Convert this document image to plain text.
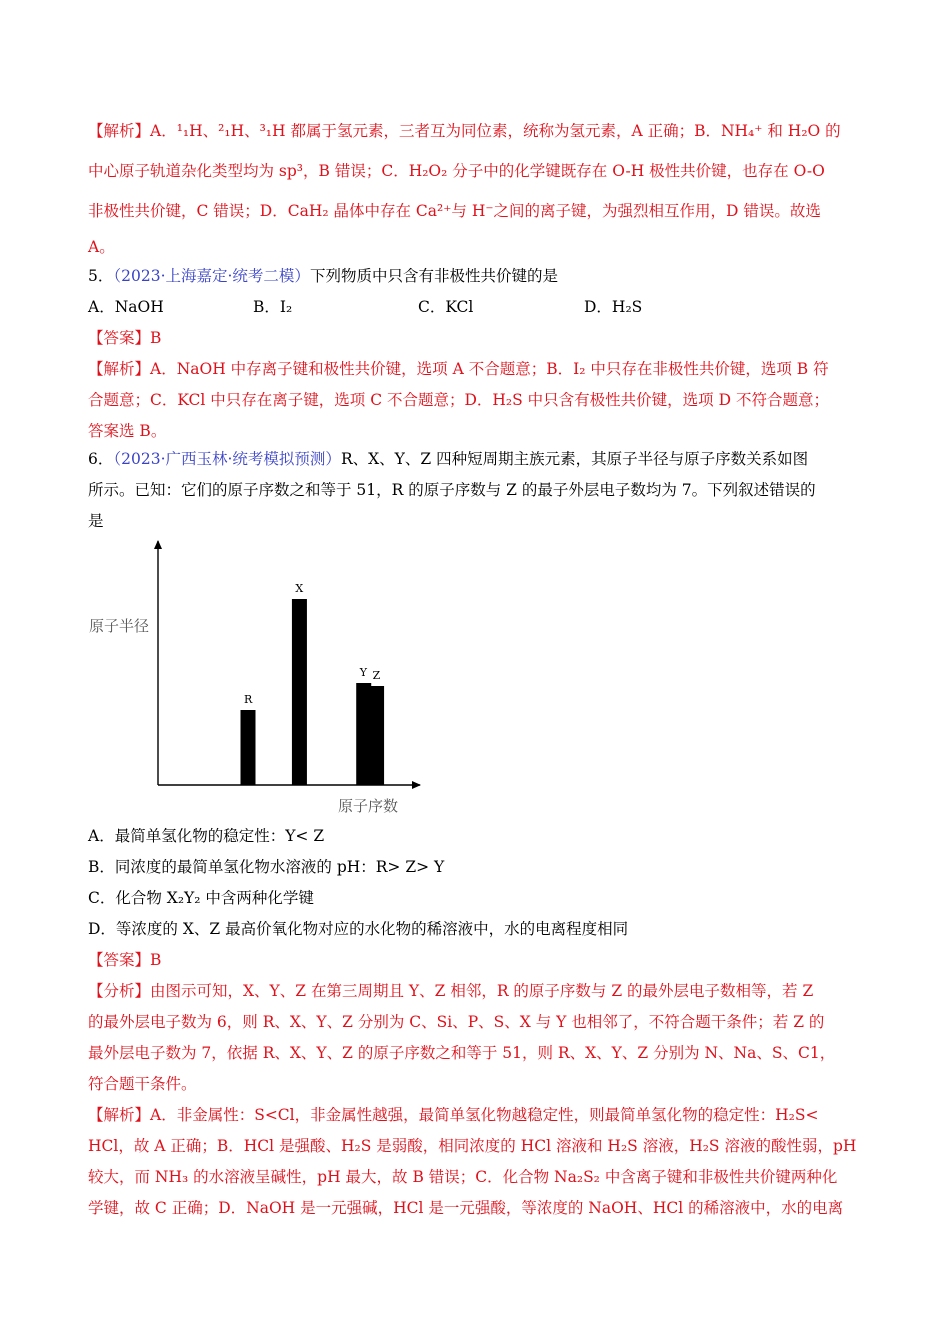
【解析】A．¹₁H、²₁H、³₁H 都属于氢元素，三者互为同位素，统称为氢元素，A 正确；B．NH₄⁺ 和 H₂O 的
中心原子轨道杂化类型均为 sp³，B 错误；C．H₂O₂ 分子中的化学键既存在 O-H 极性共价键，也存在 O-O
非极性共价键，C 错误；D．CaH₂ 晶体中存在 Ca²⁺与 H⁻之间的离子键，为强烈相互作用，D 错误。故选
A。
5．（2023·上海嘉定·统考二模）下列物质中只含有非极性共价键的是
A．NaOH	B．I₂	C．KCl	D．H₂S
【答案】B
【解析】A．NaOH 中存离子键和极性共价键，选项 A 不合题意；B．I₂ 中只存在非极性共价键，选项 B 符
合题意；C．KCl 中只存在离子键，选项 C 不合题意；D．H₂S 中只含有极性共价键，选项 D 不符合题意；
答案选 B。
6．（2023·广西玉林·统考模拟预测）R、X、Y、Z 四种短周期主族元素，其原子半径与原子序数关系如图
所示。已知：它们的原子序数之和等于 51，R 的原子序数与 Z 的最子外层电子数均为 7。下列叙述错误的
是
原子半径
原子序数
R
X
Y Z
A．最简单氢化物的稳定性：Y< Z
B．同浓度的最简单氢化物水溶液的 pH：R> Z> Y
C．化合物 X₂Y₂ 中含两种化学键
D．等浓度的 X、Z 最高价氧化物对应的水化物的稀溶液中，水的电离程度相同
【答案】B
【分析】由图示可知，X、Y、Z 在第三周期且 Y、Z 相邻，R 的原子序数与 Z 的最外层电子数相等，若 Z
的最外层电子数为 6，则 R、X、Y、Z 分别为 C、Si、P、S、X 与 Y 也相邻了，不符合题干条件；若 Z 的
最外层电子数为 7，依据 R、X、Y、Z 的原子序数之和等于 51，则 R、X、Y、Z 分别为 N、Na、S、C1，
符合题干条件。
【解析】A．非金属性：S<Cl，非金属性越强，最简单氢化物越稳定性，则最简单氢化物的稳定性：H₂S<
HCl，故 A 正确；B．HCl 是强酸、H₂S 是弱酸，相同浓度的 HCl 溶液和 H₂S 溶液，H₂S 溶液的酸性弱，pH
较大，而 NH₃ 的水溶液呈碱性，pH 最大，故 B 错误；C．化合物 Na₂S₂ 中含离子键和非极性共价键两种化
学键，故 C 正确；D．NaOH 是一元强碱，HCl 是一元强酸，等浓度的 NaOH、HCl 的稀溶液中，水的电离
